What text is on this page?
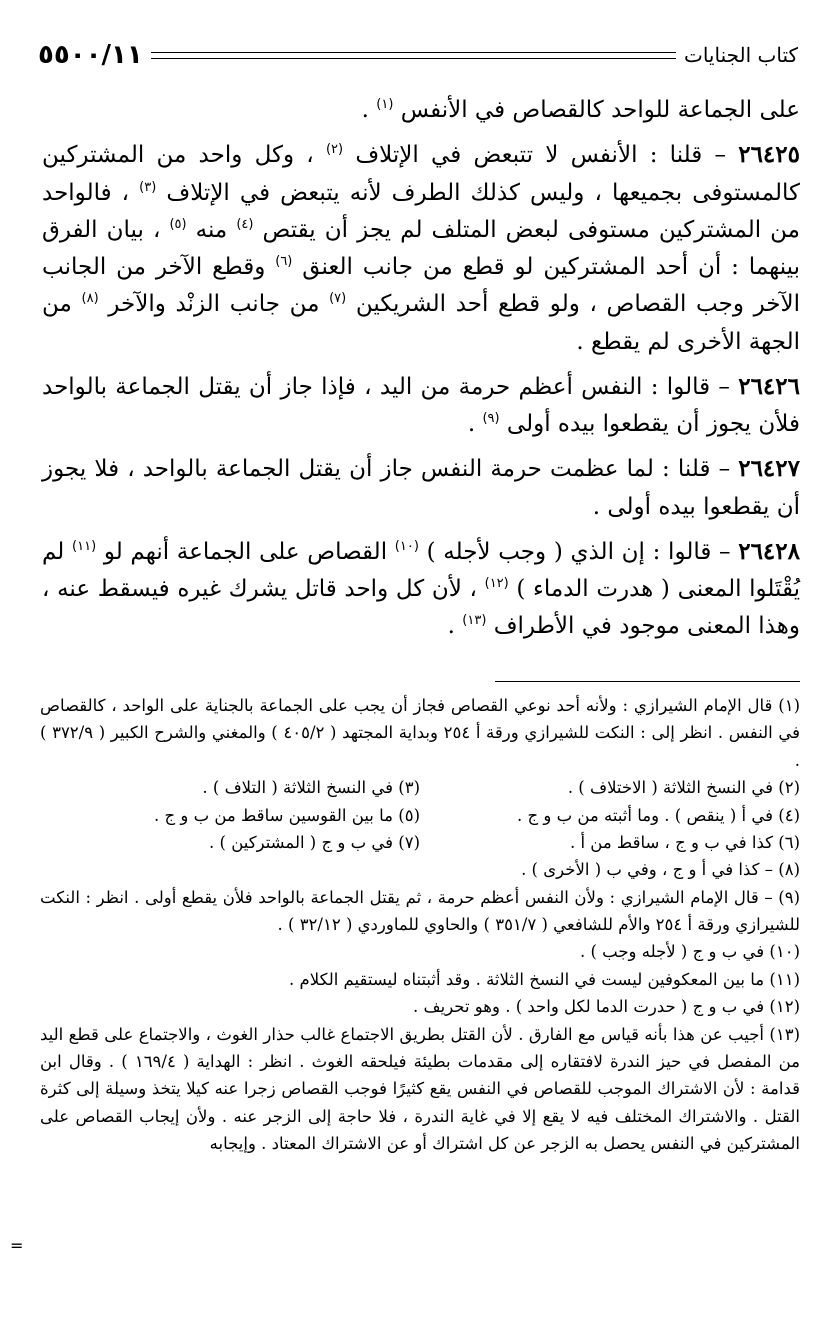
كتاب الجنايات
٥٥٠٠/١١

على الجماعة للواحد كالقصاص في الأنفس $^{(١)}$ .

٢٦٤٢٥ – قلنا : الأنفس لا تتبعض في الإتلاف $^{(٢)}$ ، وكل واحد من المشتركين كالمستوفى بجميعها ، وليس كذلك الطرف لأنه يتبعض في الإتلاف $^{(٣)}$ ، فالواحد من المشتركين مستوفى لبعض المتلف لم يجز أن يقتص $^{(٤)}$ منه $^{(٥)}$ ، بيان الفرق بينهما : أن أحد المشتركين لو قطع من جانب العنق $^{(٦)}$ وقطع الآخر من الجانب الآخر وجب القصاص ، ولو قطع أحد الشريكين $^{(٧)}$ من جانب الزنْد والآخر $^{(٨)}$ من الجهة الأخرى لم يقطع .

٢٦٤٢٦ – قالوا : النفس أعظم حرمة من اليد ، فإذا جاز أن يقتل الجماعة بالواحد فلأن يجوز أن يقطعوا بيده أولى $^{(٩)}$ .

٢٦٤٢٧ – قلنا : لما عظمت حرمة النفس جاز أن يقتل الجماعة بالواحد ، فلا يجوز أن يقطعوا بيده أولى .

٢٦٤٢٨ – قالوا : إن الذي ( وجب لأجله ) $^{(١٠)}$ القصاص على الجماعة أنهم لو $^{(١١)}$ لم يُقْتَلوا المعنى ( هدرت الدماء ) $^{(١٢)}$ ، لأن كل واحد قاتل يشرك غيره فيسقط عنه ، وهذا المعنى موجود في الأطراف $^{(١٣)}$ .

(١) قال الإمام الشيرازي : ولأنه أحد نوعي القصاص فجاز أن يجب على الجماعة بالجناية على الواحد ، كالقصاص في النفس . انظر إلى : النكت للشيرازي ورقة أ ٢٥٤ وبداية المجتهد ( ٤٠٥/٢ ) والمغني والشرح الكبير ( ٣٧٢/٩ ) .

(٢) في النسخ الثلاثة ( الاختلاف ) .
(٣) في النسخ الثلاثة ( التلاف ) .
(٤) في أ ( ينقص ) . وما أثبته من ب و ج .
(٥) ما بين القوسين ساقط من ب و ج .
(٦) كذا في ب و ج ، ساقط من أ .
(٧) في ب و ج ( المشتركين ) .

(٨) – كذا في أ و ج ، وفي ب ( الأخرى ) .

(٩) – قال الإمام الشيرازي : ولأن النفس أعظم حرمة ، ثم يقتل الجماعة بالواحد فلأن يقطع أولى . انظر : النكت للشيرازي ورقة أ ٢٥٤ والأم للشافعي ( ٣٥١/٧ ) والحاوي للماوردي ( ٣٢/١٢ ) .

(١٠) في ب و ج ( لأجله وجب ) .

(١١) ما بين المعكوفين ليست في النسخ الثلاثة . وقد أثبتناه ليستقيم الكلام .

(١٢) في ب و ج ( حدرت الدما لكل واحد ) . وهو تحريف .

(١٣) أجيب عن هذا بأنه قياس مع الفارق . لأن القتل بطريق الاجتماع غالب حذار الغوث ، والاجتماع على قطع اليد من المفصل في حيز الندرة لافتقاره إلى مقدمات بطيئة فيلحقه الغوث . انظر : الهداية ( ١٦٩/٤ ) . وقال ابن قدامة : لأن الاشتراك الموجب للقصاص في النفس يقع كثيرًا فوجب القصاص زجرا عنه كيلا يتخذ وسيلة إلى كثرة القتل . والاشتراك المختلف فيه لا يقع إلا في غاية الندرة ، فلا حاجة إلى الزجر عنه . ولأن إيجاب القصاص على المشتركين في النفس يحصل به الزجر عن كل اشتراك أو عن الاشتراك المعتاد . وإيجابه

=
